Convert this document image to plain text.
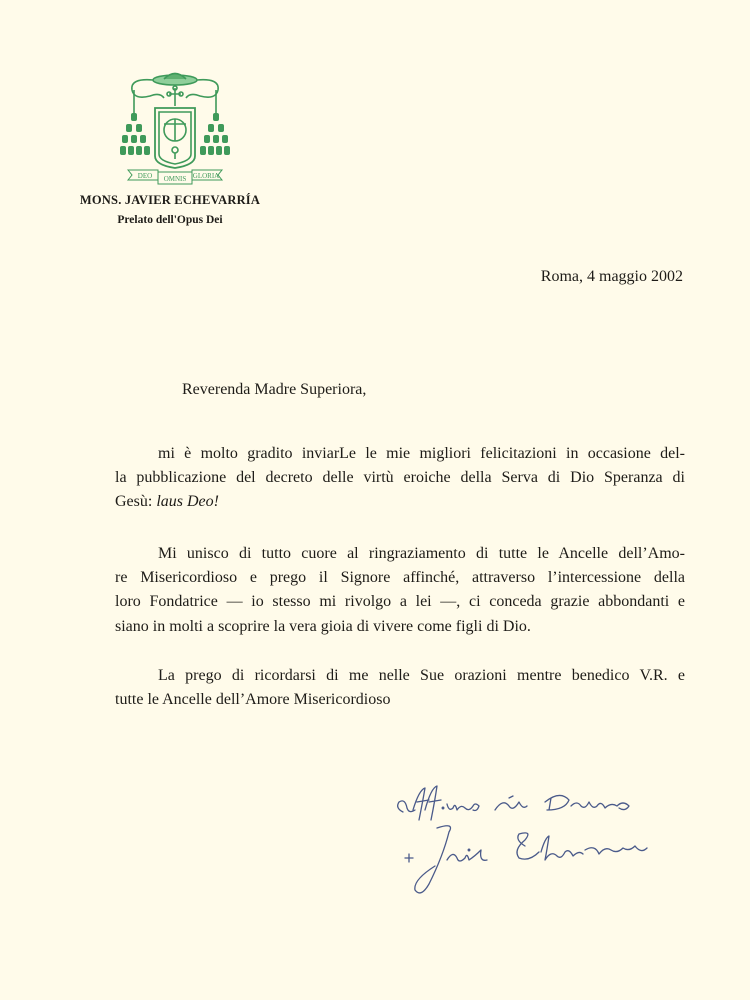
DEO OMNIS GLORIA
MONS. JAVIER ECHEVARRÍA
Prelato dell'Opus Dei
Roma, 4 maggio 2002
Reverenda Madre Superiora,
mi è molto gradito inviarLe le mie migliori felicitazioni in occasione del-
la pubblicazione del decreto delle virtù eroiche della Serva di Dio Speranza di
Gesù: laus Deo!
Mi unisco di tutto cuore al ringraziamento di tutte le Ancelle dell’Amo-
re Misericordioso e prego il Signore affinché, attraverso l’intercessione della
loro Fondatrice — io stesso mi rivolgo a lei —, ci conceda grazie abbondanti e
siano in molti a scoprire la vera gioia di vivere come figli di Dio.
La prego di ricordarsi di me nelle Sue orazioni mentre benedico V.R. e
tutte le Ancelle dell’Amore Misericordioso
